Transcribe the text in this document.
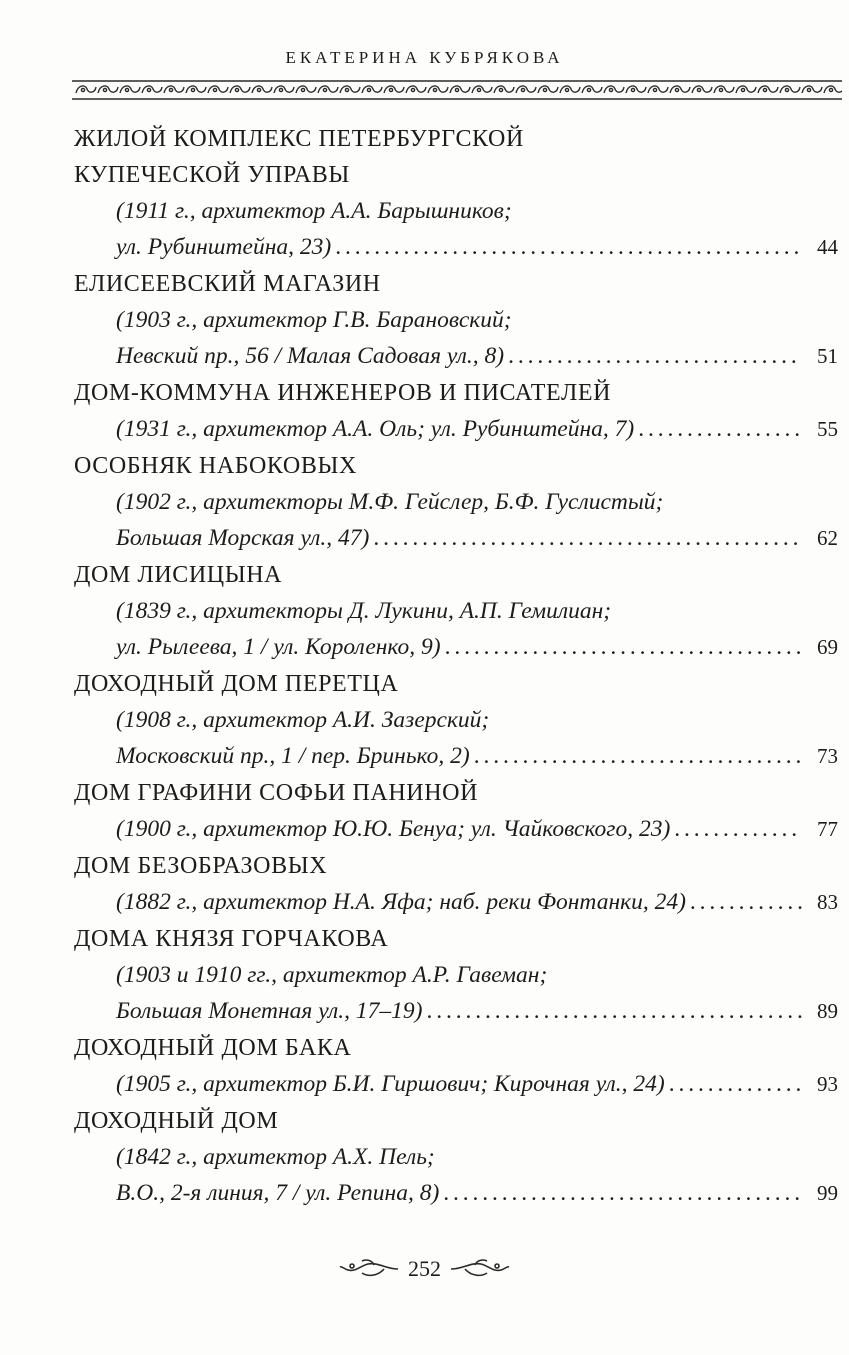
ЕКАТЕРИНА КУБРЯКОВА
ЖИЛОЙ КОМПЛЕКС ПЕТЕРБУРГСКОЙ
КУПЕЧЕСКОЙ УПРАВЫ
(1911 г., архитектор А.А. Барышников;
ул. Рубинштейна, 23) . . .	44
ЕЛИСЕЕВСКИЙ МАГАЗИН
(1903 г., архитектор Г.В. Барановский;
Невский пр., 56 / Малая Садовая ул., 8) . . .	51
ДОМ-КОММУНА ИНЖЕНЕРОВ И ПИСАТЕЛЕЙ
(1931 г., архитектор А.А. Оль; ул. Рубинштейна, 7) . . .	55
ОСОБНЯК НАБОКОВЫХ
(1902 г., архитекторы М.Ф. Гейслер, Б.Ф. Гуслистый;
Большая Морская ул., 47) . . .	62
ДОМ ЛИСИЦЫНА
(1839 г., архитекторы Д. Лукини, А.П. Гемилиан;
ул. Рылеева, 1 / ул. Короленко, 9) . . .	69
ДОХОДНЫЙ ДОМ ПЕРЕТЦА
(1908 г., архитектор А.И. Зазерский;
Московский пр., 1 / пер. Бринько, 2) . . .	73
ДОМ ГРАФИНИ СОФЬИ ПАНИНОЙ
(1900 г., архитектор Ю.Ю. Бенуа; ул. Чайковского, 23) . . .	77
ДОМ БЕЗОБРАЗОВЫХ
(1882 г., архитектор Н.А. Яфа; наб. реки Фонтанки, 24) . . .	83
ДОМА КНЯЗЯ ГОРЧАКОВА
(1903 и 1910 гг., архитектор А.Р. Гавеман;
Большая Монетная ул., 17–19) . . .	89
ДОХОДНЫЙ ДОМ БАКА
(1905 г., архитектор Б.И. Гиршович; Кирочная ул., 24) . . .	93
ДОХОДНЫЙ ДОМ
(1842 г., архитектор А.Х. Пель;
В.О., 2-я линия, 7 / ул. Репина, 8) . . .	99
252
